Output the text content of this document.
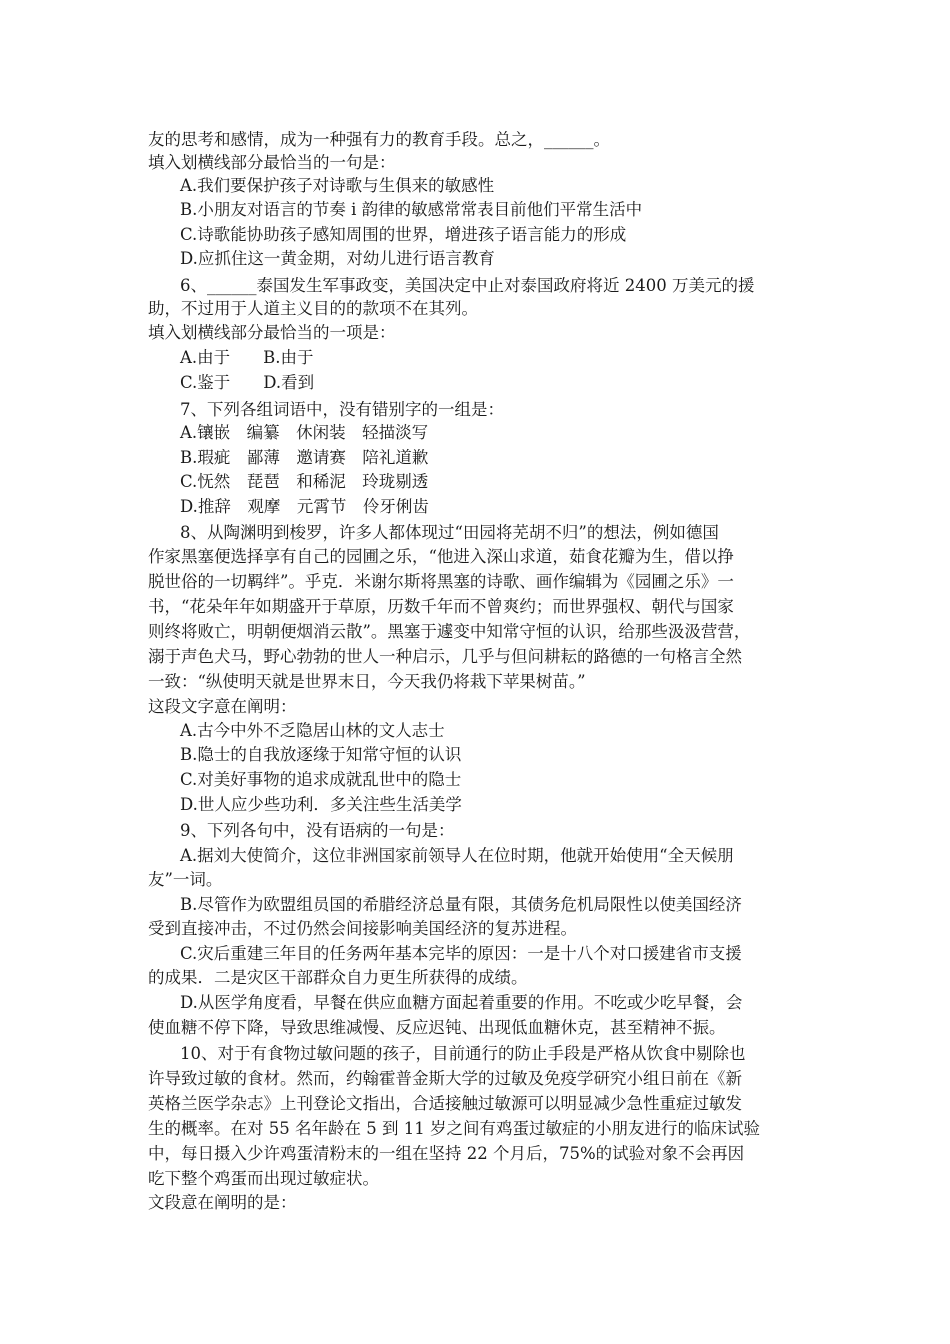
友的思考和感情，成为一种强有力的教育手段。总之，______。
填入划横线部分最恰当的一句是：
A.我们要保护孩子对诗歌与生俱来的敏感性
B.小朋友对语言的节奏 i 韵律的敏感常常表目前他们平常生活中
C.诗歌能协助孩子感知周围的世界，增进孩子语言能力的形成
D.应抓住这一黄金期，对幼儿进行语言教育
6、______泰国发生军事政变，美国决定中止对泰国政府将近 2400 万美元的援
助，不过用于人道主义目的的款项不在其列。
填入划横线部分最恰当的一项是：
A.由于　　B.由于
C.鉴于　　D.看到
7、下列各组词语中，没有错别字的一组是：
A.镶嵌　编纂　休闲装　轻描淡写
B.瑕疵　鄙薄　邀请赛　陪礼道歉
C.怃然　琵琶　和稀泥　玲珑剔透
D.推辞　观摩　元霄节　伶牙俐齿
8、从陶渊明到梭罗，许多人都体现过“田园将芜胡不归”的想法，例如德国
作家黑塞便选择享有自己的园圃之乐，“他进入深山求道，茹食花瓣为生，借以挣
脱世俗的一切羁绊”。乎克．米谢尔斯将黑塞的诗歌、画作编辑为《园圃之乐》一
书，“花朵年年如期盛开于草原，历数千年而不曾爽约；而世界强权、朝代与国家
则终将败亡，明朝便烟消云散”。黑塞于遽变中知常守恒的认识，给那些汲汲营营，
溺于声色犬马，野心勃勃的世人一种启示，几乎与但问耕耘的路德的一句格言全然
一致：“纵使明天就是世界末日，今天我仍将栽下苹果树苗。”
这段文字意在阐明：
A.古今中外不乏隐居山林的文人志士
B.隐士的自我放逐缘于知常守恒的认识
C.对美好事物的追求成就乱世中的隐士
D.世人应少些功利．多关注些生活美学
9、下列各句中，没有语病的一句是：
A.据刘大使简介，这位非洲国家前领导人在位时期，他就开始使用“全天候朋
友”一词。
B.尽管作为欧盟组员国的希腊经济总量有限，其债务危机局限性以使美国经济
受到直接冲击，不过仍然会间接影响美国经济的复苏进程。
C.灾后重建三年目的任务两年基本完毕的原因：一是十八个对口援建省市支援
的成果．二是灾区干部群众自力更生所获得的成绩。
D.从医学角度看，早餐在供应血糖方面起着重要的作用。不吃或少吃早餐，会
使血糖不停下降，导致思维减慢、反应迟钝、出现低血糖休克，甚至精神不振。
10、对于有食物过敏问题的孩子，目前通行的防止手段是严格从饮食中剔除也
许导致过敏的食材。然而，约翰霍普金斯大学的过敏及免疫学研究小组日前在《新
英格兰医学杂志》上刊登论文指出，合适接触过敏源可以明显减少急性重症过敏发
生的概率。在对 55 名年龄在 5 到 11 岁之间有鸡蛋过敏症的小朋友进行的临床试验
中，每日摄入少许鸡蛋清粉末的一组在坚持 22 个月后，75%的试验对象不会再因
吃下整个鸡蛋而出现过敏症状。
文段意在阐明的是：
